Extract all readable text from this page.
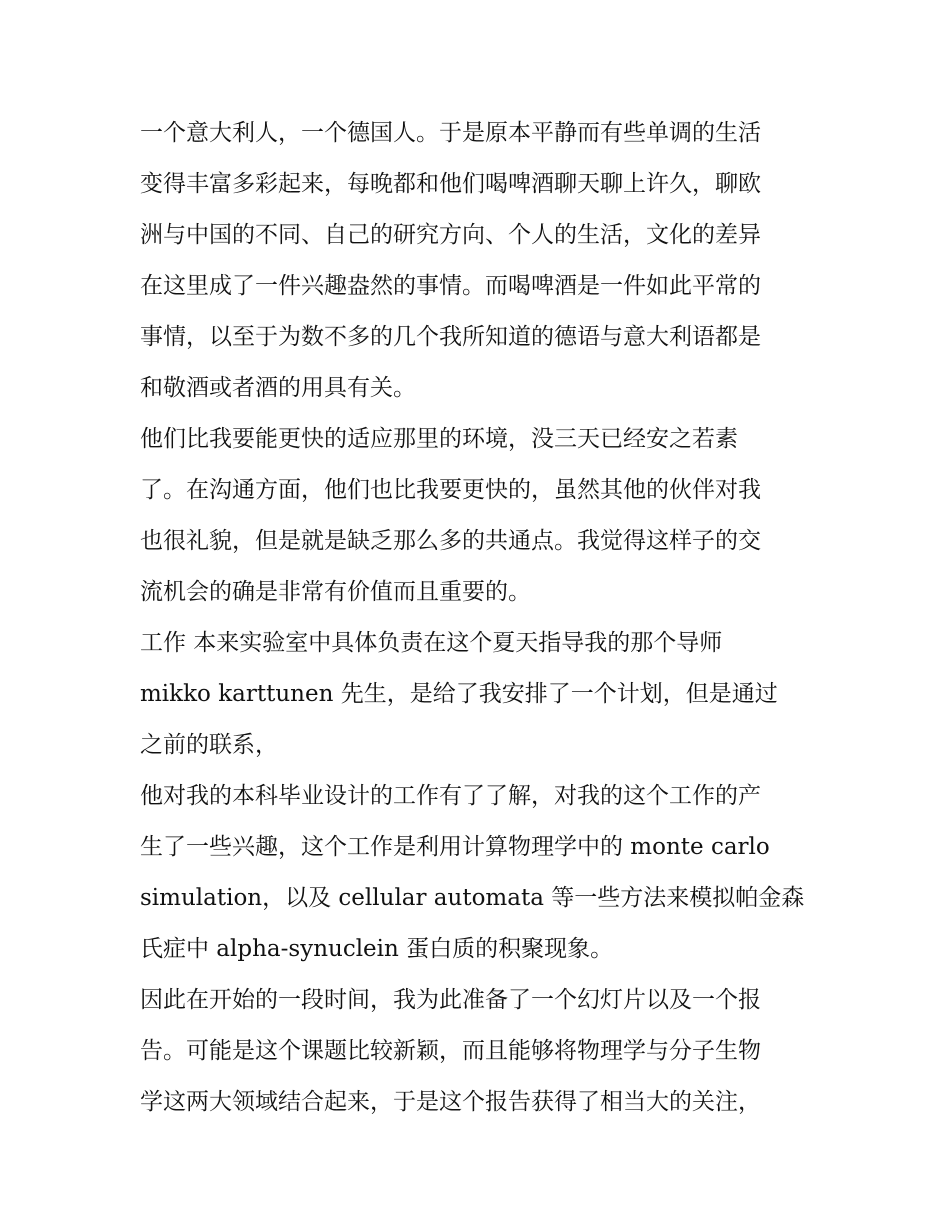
一个意大利人，一个德国人。于是原本平静而有些单调的生活
变得丰富多彩起来，每晚都和他们喝啤酒聊天聊上许久，聊欧
洲与中国的不同、自己的研究方向、个人的生活，文化的差异
在这里成了一件兴趣盎然的事情。而喝啤酒是一件如此平常的
事情，以至于为数不多的几个我所知道的德语与意大利语都是
和敬酒或者酒的用具有关。
他们比我要能更快的适应那里的环境，没三天已经安之若素
了。在沟通方面，他们也比我要更快的，虽然其他的伙伴对我
也很礼貌，但是就是缺乏那么多的共通点。我觉得这样子的交
流机会的确是非常有价值而且重要的。
工作 本来实验室中具体负责在这个夏天指导我的那个导师
mikko karttunen 先生，是给了我安排了一个计划，但是通过
之前的联系，
他对我的本科毕业设计的工作有了了解，对我的这个工作的产
生了一些兴趣，这个工作是利用计算物理学中的 monte carlo
simulation，以及 cellular automata 等一些方法来模拟帕金森
氏症中 alpha-synuclein 蛋白质的积聚现象。
因此在开始的一段时间，我为此准备了一个幻灯片以及一个报
告。可能是这个课题比较新颖，而且能够将物理学与分子生物
学这两大领域结合起来，于是这个报告获得了相当大的关注，
